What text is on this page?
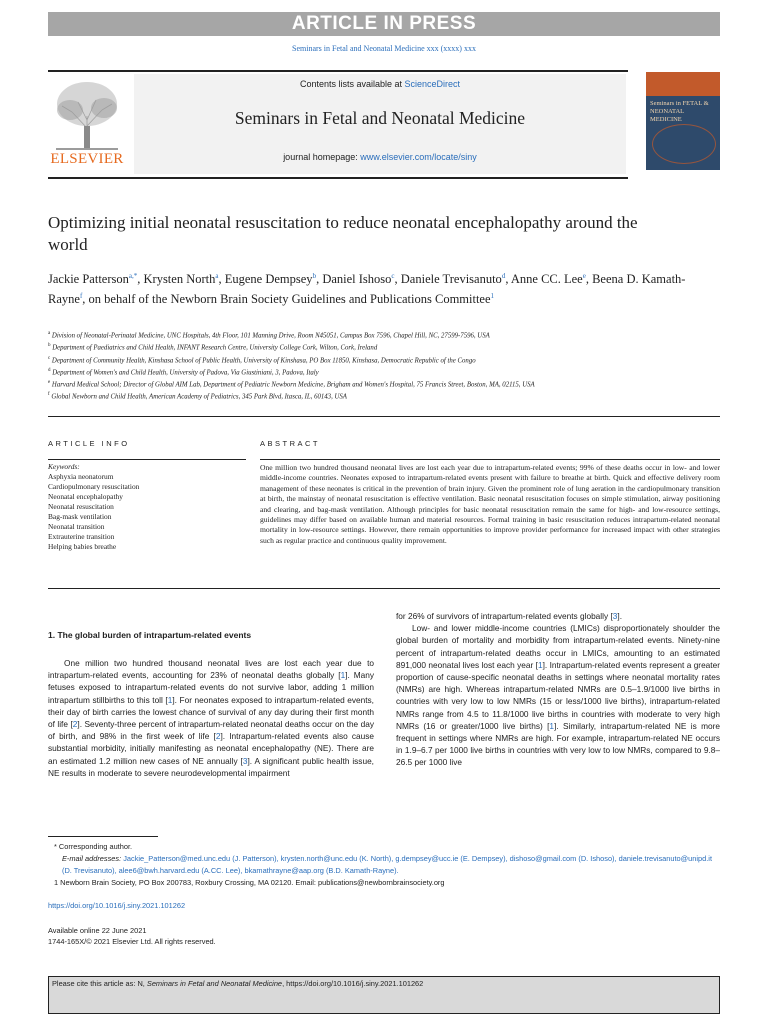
ARTICLE IN PRESS
Seminars in Fetal and Neonatal Medicine xxx (xxxx) xxx
ELSEVIER
Contents lists available at ScienceDirect
Seminars in Fetal and Neonatal Medicine
journal homepage: www.elsevier.com/locate/siny
Seminars in FETAL & NEONATAL MEDICINE
Optimizing initial neonatal resuscitation to reduce neonatal encephalopathy around the world
Jackie Patterson$^{a,*}$, Krysten North$^a$, Eugene Dempsey$^b$, Daniel Ishoso$^c$, Daniele Trevisanuto$^d$, Anne CC. Lee$^e$, Beena D. Kamath-Rayne$^f$, on behalf of the Newborn Brain Society Guidelines and Publications Committee$^1$
$^a$ Division of Neonatal-Perinatal Medicine, UNC Hospitals, 4th Floor, 101 Manning Drive, Room N45051, Campus Box 7596, Chapel Hill, NC, 27599-7596, USA
$^b$ Department of Paediatrics and Child Health, INFANT Research Centre, University College Cork, Wilton, Cork, Ireland
$^c$ Department of Community Health, Kinshasa School of Public Health, University of Kinshasa, PO Box 11850, Kinshasa, Democratic Republic of the Congo
$^d$ Department of Women's and Child Health, University of Padova, Via Giustiniani, 3, Padova, Italy
$^e$ Harvard Medical School; Director of Global AIM Lab, Department of Pediatric Newborn Medicine, Brigham and Women's Hospital, 75 Francis Street, Boston, MA, 02115, USA
$^f$ Global Newborn and Child Health, American Academy of Pediatrics, 345 Park Blvd, Itasca, IL, 60143, USA
ARTICLE INFO	ABSTRACT
Keywords:
Asphyxia neonatorum
Cardiopulmonary resuscitation
Neonatal encephalopathy
Neonatal resuscitation
Bag-mask ventilation
Neonatal transition
Extrauterine transition
Helping babies breathe
One million two hundred thousand neonatal lives are lost each year due to intrapartum-related events; 99% of these deaths occur in low- and lower middle-income countries. Neonates exposed to intrapartum-related events present with failure to breathe at birth. Quick and effective delivery room management of these neonates is critical in the prevention of brain injury. Given the prominent role of lung aeration in the cardiopulmonary transition at birth, the mainstay of neonatal resuscitation is effective ventilation. Basic neonatal resuscitation focuses on simple stimulation, airway positioning and clearing, and bag-mask ventilation. Although principles for basic neonatal resuscitation remain the same for high- and low-resource settings, guidelines may differ based on available human and material resources. Formal training in basic resuscitation reduces intrapartum-related neonatal mortality in low-resource settings. However, there remain opportunities to improve provider performance for increased impact with other strategies such as regular practice and continuous quality improvement.
1. The global burden of intrapartum-related events

One million two hundred thousand neonatal lives are lost each year due to intrapartum-related events, accounting for 23% of neonatal deaths globally [1]. Many fetuses exposed to intrapartum-related events do not survive labor, adding 1 million intrapartum stillbirths to this toll [1]. For neonates exposed to intrapartum-related events, their day of birth carries the lowest chance of survival of any day during their first month of life [2]. Seventy-three percent of intrapartum-related neonatal deaths occur on the day of birth, and 98% in the first week of life [2]. Intrapartum-related events also cause substantial morbidity, initially manifesting as neonatal encephalopathy (NE). There are an estimated 1.2 million new cases of NE annually [3]. A significant public health issue, NE results in moderate to severe neurodevelopmental impairment

for 26% of survivors of intrapartum-related events globally [3].

Low- and lower middle-income countries (LMICs) disproportionately shoulder the global burden of mortality and morbidity from intrapartum-related events. Ninety-nine percent of intrapartum-related deaths occur in LMICs, amounting to an estimated 891,000 neonatal lives lost each year [1]. Intrapartum-related events represent a greater proportion of cause-specific neonatal deaths in settings where neonatal mortality rates (NMRs) are high. Whereas intrapartum-related NMRs are 0.5–1.9/1000 live births in countries with very low to low NMRs (15 or less/1000 live births), intrapartum-related NMRs range from 4.5 to 11.8/1000 live births in countries with moderate to very high NMRs (16 or greater/1000 live births) [1]. Similarly, intrapartum-related NE is more frequent in settings where NMRs are high. For example, intrapartum-related NE occurs in 1.9–6.7 per 1000 live births in countries with very low to low NMRs, compared to 9.8–26.5 per 1000 live

* Corresponding author.
E-mail addresses: Jackie_Patterson@med.unc.edu (J. Patterson), krysten.north@unc.edu (K. North), g.dempsey@ucc.ie (E. Dempsey), dishoso@gmail.com (D. Ishoso), daniele.trevisanuto@unipd.it (D. Trevisanuto), alee6@bwh.harvard.edu (A.CC. Lee), bkamathrayne@aap.org (B.D. Kamath-Rayne).
1 Newborn Brain Society, PO Box 200783, Roxbury Crossing, MA 02120. Email: publications@newbornbrainsociety.org
https://doi.org/10.1016/j.siny.2021.101262
Available online 22 June 2021
1744-165X/© 2021 Elsevier Ltd. All rights reserved.
Please cite this article as: N, Seminars in Fetal and Neonatal Medicine, https://doi.org/10.1016/j.siny.2021.101262
